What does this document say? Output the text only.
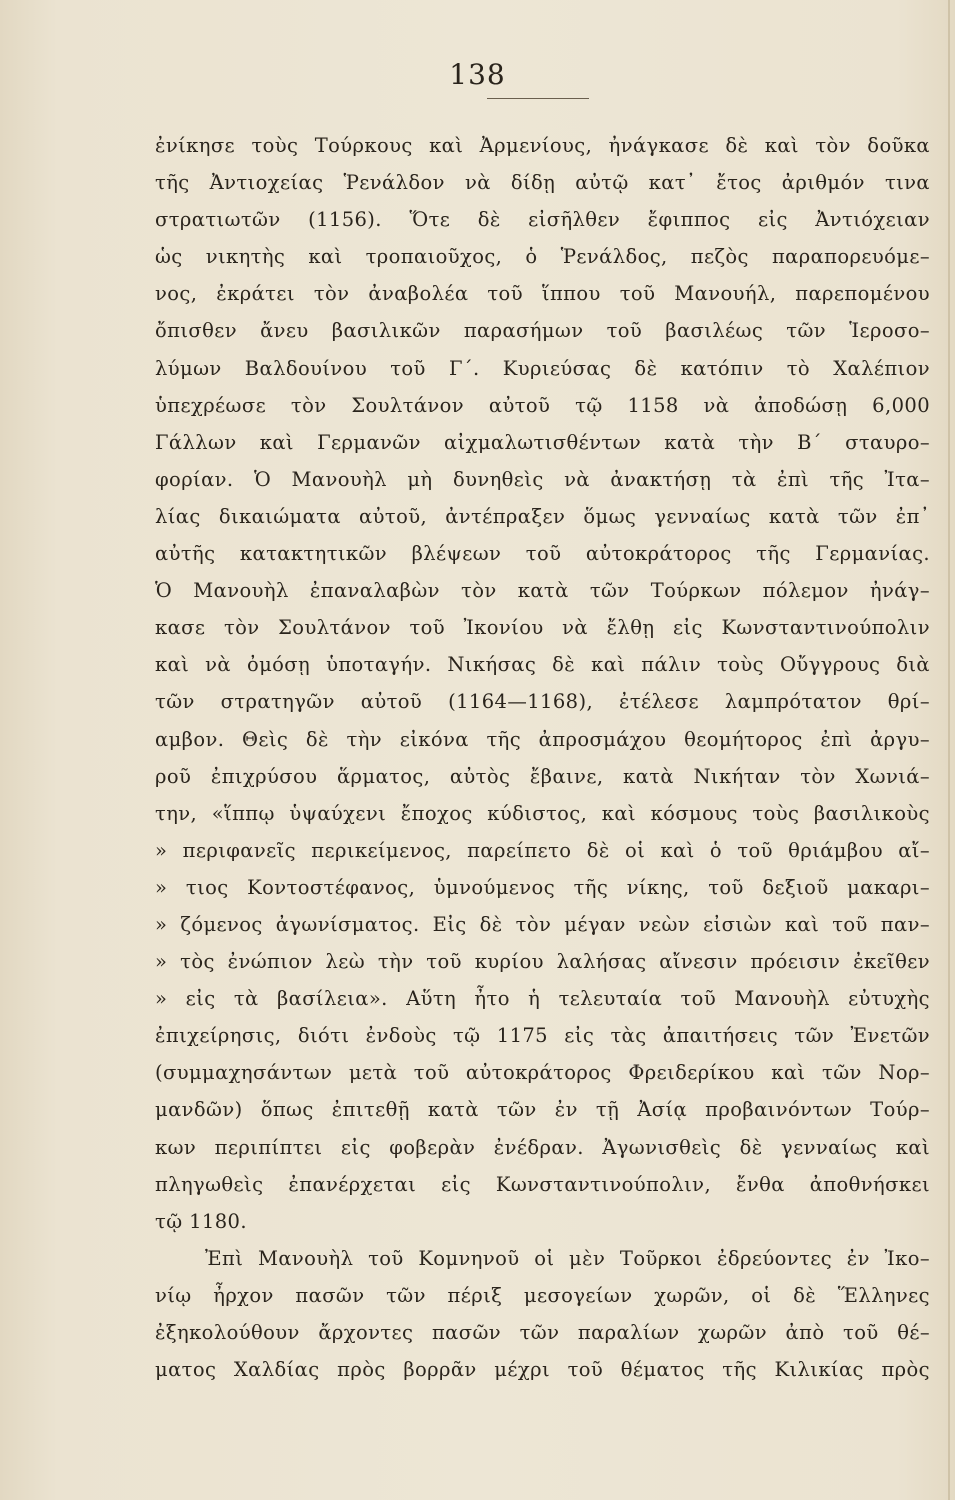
138
ἐνίκησε τοὺς Τούρκους καὶ Ἀρμενίους, ἠνάγκασε δὲ καὶ τὸν δοῦκα
τῆς Ἀντιοχείας Ῥενάλδον νὰ δίδῃ αὐτῷ κατ᾽ ἔτος ἀριθμόν τινα
στρατιωτῶν (1156). Ὅτε δὲ εἰσῆλθεν ἔφιππος εἰς Ἀντιόχειαν
ὡς νικητὴς καὶ τροπαιοῦχος, ὁ Ῥενάλδος, πεζὸς παραπορευόμε–
νος, ἐκράτει τὸν ἀναβολέα τοῦ ἵππου τοῦ Μανουήλ, παρεπομένου
ὄπισθεν ἄνευ βασιλικῶν παρασήμων τοῦ βασιλέως τῶν Ἱεροσο–
λύμων Βαλδουίνου τοῦ Γ΄. Κυριεύσας δὲ κατόπιν τὸ Χαλέπιον
ὑπεχρέωσε τὸν Σουλτάνον αὐτοῦ τῷ 1158 νὰ ἀποδώσῃ 6,000
Γάλλων καὶ Γερμανῶν αἰχμαλωτισθέντων κατὰ τὴν Β΄ σταυρο–
φορίαν. Ὁ Μανουὴλ μὴ δυνηθεὶς νὰ ἀνακτήσῃ τὰ ἐπὶ τῆς Ἰτα–
λίας δικαιώματα αὐτοῦ, ἀντέπραξεν ὅμως γενναίως κατὰ τῶν ἐπ᾽
αὐτῆς κατακτητικῶν βλέψεων τοῦ αὐτοκράτορος τῆς Γερμανίας.
Ὁ Μανουὴλ ἐπαναλαβὼν τὸν κατὰ τῶν Τούρκων πόλεμον ἠνάγ–
κασε τὸν Σουλτάνον τοῦ Ἰκονίου νὰ ἔλθῃ εἰς Κωνσταντινούπολιν
καὶ νὰ ὀμόσῃ ὑποταγήν. Νικήσας δὲ καὶ πάλιν τοὺς Οὔγγρους διὰ
τῶν στρατηγῶν αὐτοῦ (1164—1168), ἐτέλεσε λαμπρότατον θρί–
αμβον. Θεὶς δὲ τὴν εἰκόνα τῆς ἀπροσμάχου θεομήτορος ἐπὶ ἀργυ–
ροῦ ἐπιχρύσου ἅρματος, αὐτὸς ἔβαινε, κατὰ Νικήταν τὸν Χωνιά–
την, «ἵππῳ ὑψαύχενι ἔποχος κύδιστος, καὶ κόσμους τοὺς βασιλικοὺς
» περιφανεῖς περικείμενος, παρείπετο δὲ οἱ καὶ ὁ τοῦ θριάμβου αἴ–
» τιος Κοντοστέφανος, ὑμνούμενος τῆς νίκης, τοῦ δεξιοῦ μακαρι–
» ζόμενος ἀγωνίσματος. Εἰς δὲ τὸν μέγαν νεὼν εἰσιὼν καὶ τοῦ παν–
» τὸς ἐνώπιον λεὼ τὴν τοῦ κυρίου λαλήσας αἴνεσιν πρόεισιν ἐκεῖθεν
» εἰς τὰ βασίλεια». Αὕτη ἦτο ἡ τελευταία τοῦ Μανουὴλ εὐτυχὴς
ἐπιχείρησις, διότι ἐνδοὺς τῷ 1175 εἰς τὰς ἀπαιτήσεις τῶν Ἐνετῶν
(συμμαχησάντων μετὰ τοῦ αὐτοκράτορος Φρειδερίκου καὶ τῶν Νορ–
μανδῶν) ὅπως ἐπιτεθῇ κατὰ τῶν ἐν τῇ Ἀσίᾳ προβαινόντων Τούρ–
κων περιπίπτει εἰς φοβερὰν ἐνέδραν. Ἀγωνισθεὶς δὲ γενναίως καὶ
πληγωθεὶς ἐπανέρχεται εἰς Κωνσταντινούπολιν, ἔνθα ἀποθνήσκει
τῷ 1180.
Ἐπὶ Μανουὴλ τοῦ Κομνηνοῦ οἱ μὲν Τοῦρκοι ἐδρεύοντες ἐν Ἰκο–
νίῳ ἦρχον πασῶν τῶν πέριξ μεσογείων χωρῶν, οἱ δὲ Ἕλληνες
ἐξηκολούθουν ἄρχοντες πασῶν τῶν παραλίων χωρῶν ἀπὸ τοῦ θέ–
ματος Χαλδίας πρὸς βορρᾶν μέχρι τοῦ θέματος τῆς Κιλικίας πρὸς
